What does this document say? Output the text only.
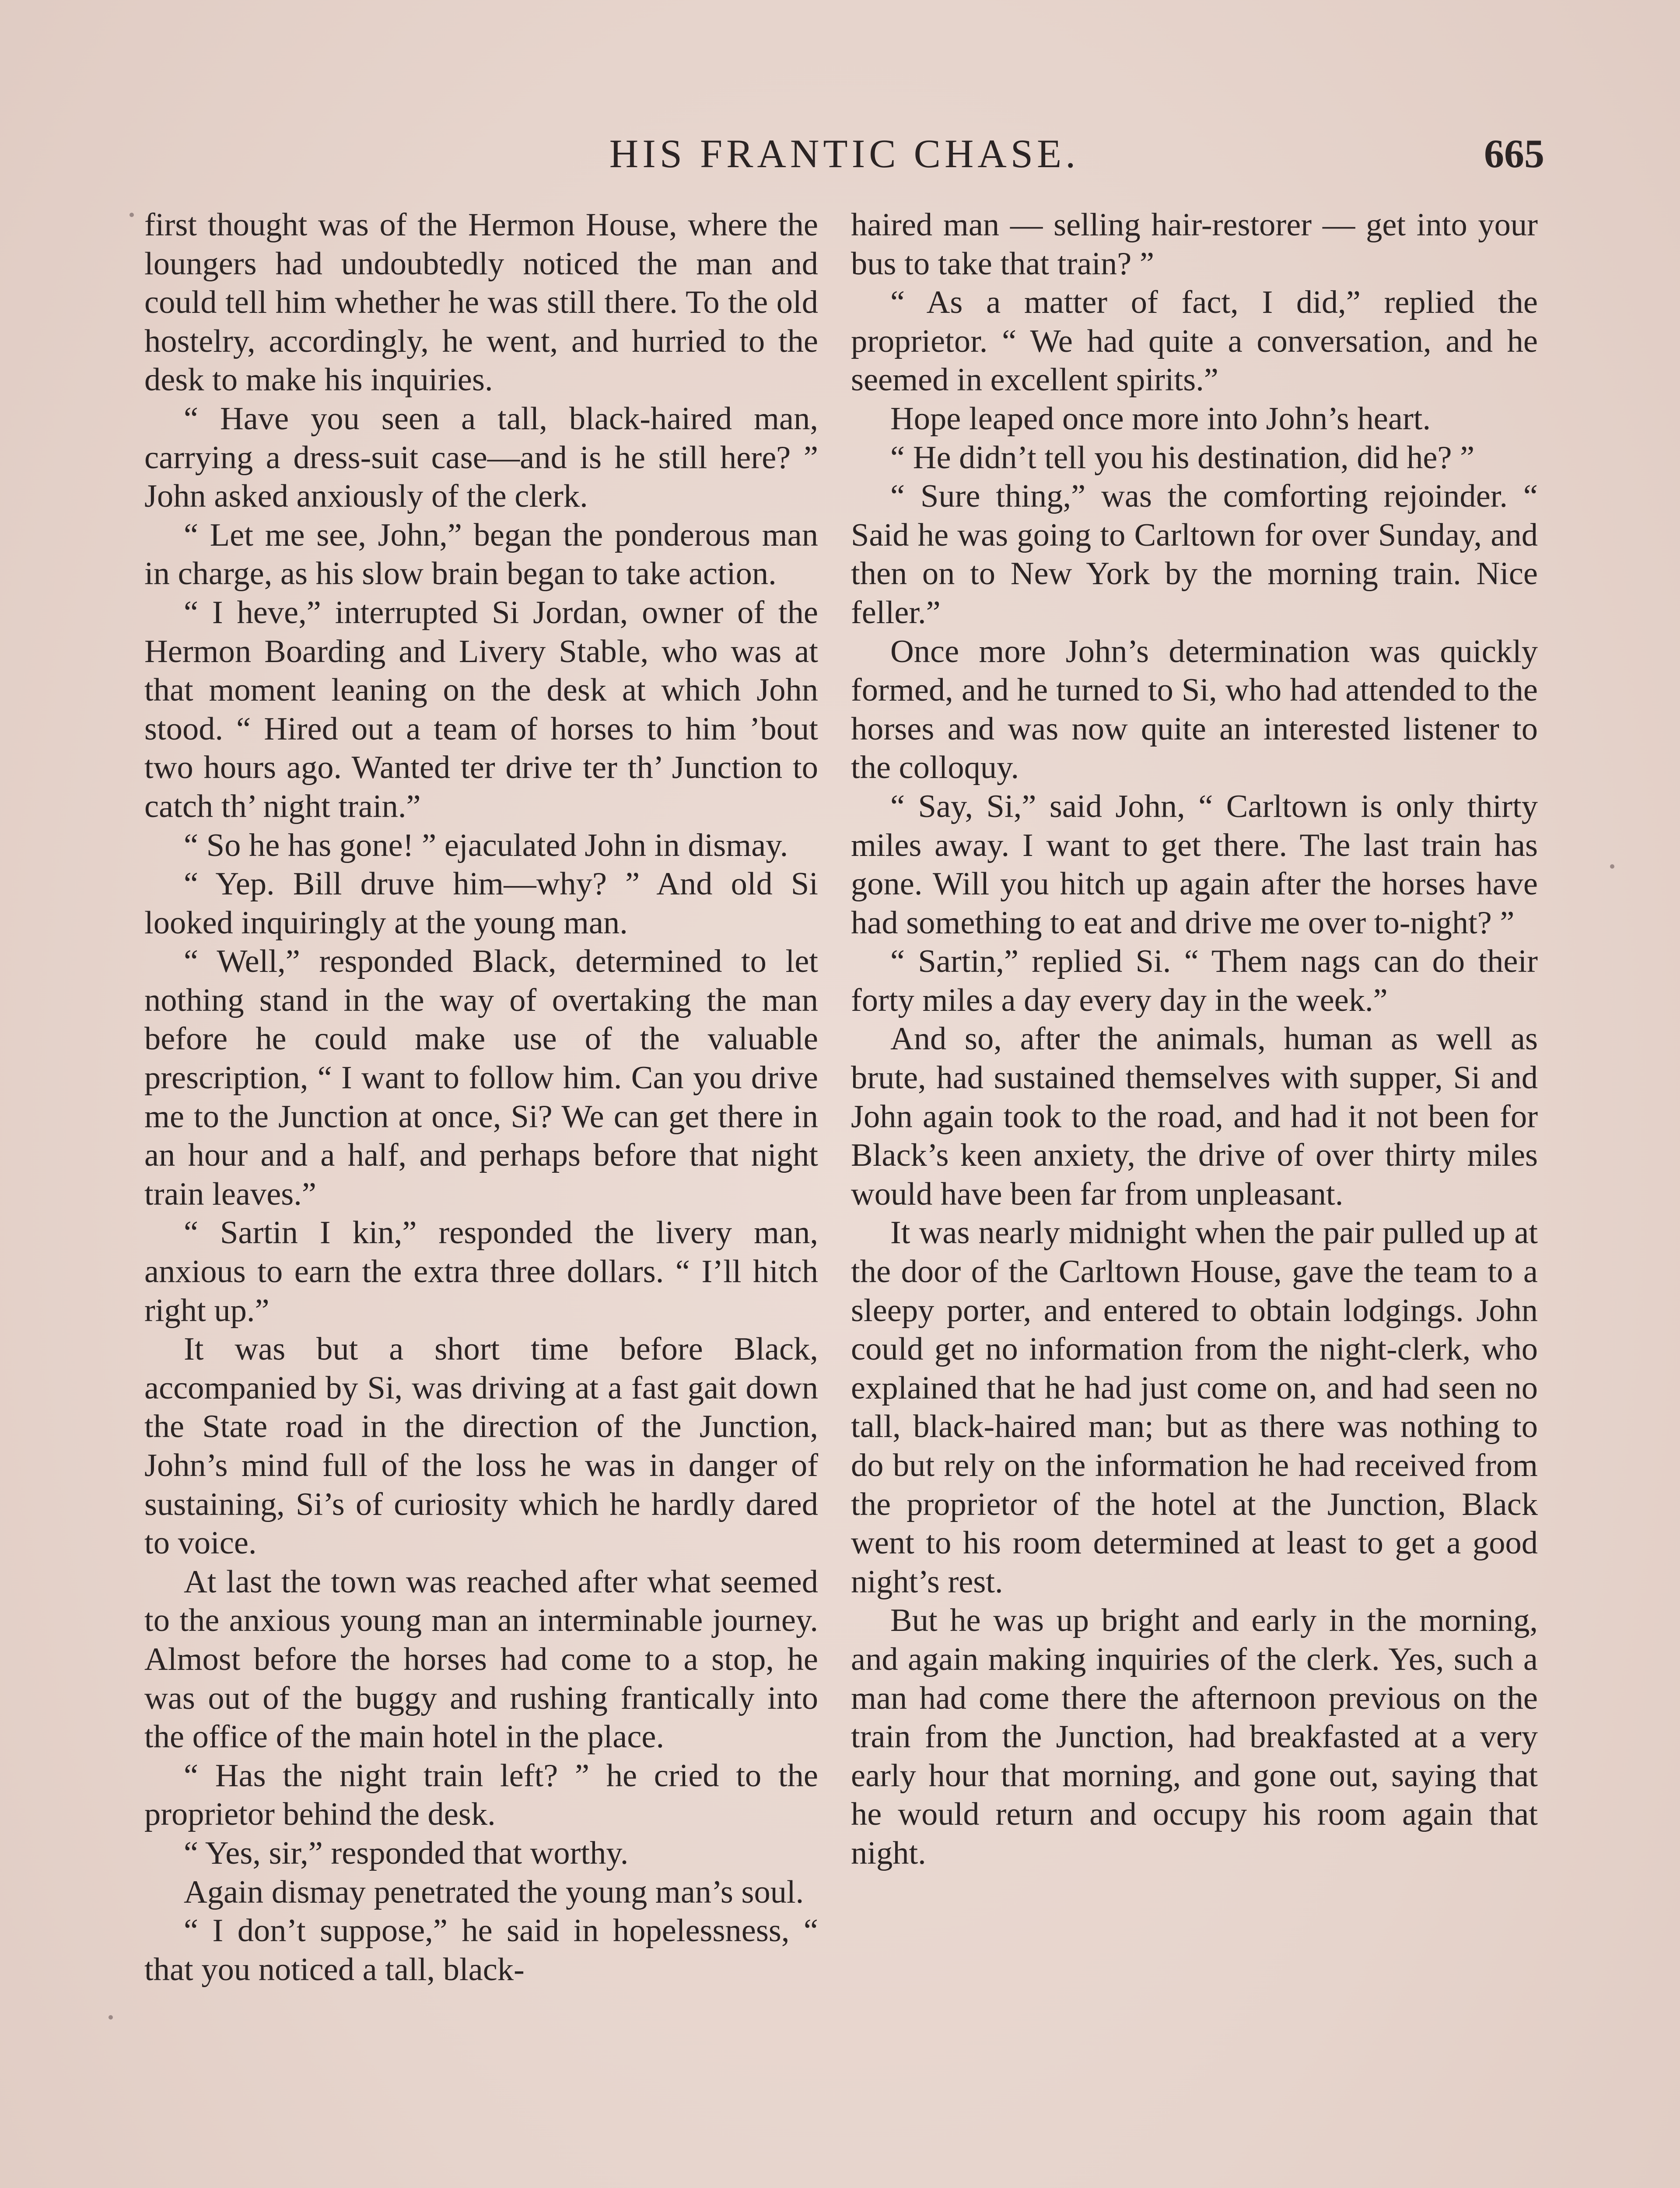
HIS FRANTIC CHASE.	665

first thought was of the Hermon House, where the loungers had undoubtedly noticed the man and could tell him whether he was still there. To the old hostelry, accordingly, he went, and hurried to the desk to make his inquiries.

“ Have you seen a tall, black-haired man, carrying a dress-suit case—and is he still here? ” John asked anxiously of the clerk.

“ Let me see, John,” began the ponderous man in charge, as his slow brain began to take action.

“ I heve,” interrupted Si Jordan, owner of the Hermon Boarding and Livery Stable, who was at that moment leaning on the desk at which John stood. “ Hired out a team of horses to him ’bout two hours ago. Wanted ter drive ter th’ Junction to catch th’ night train.”

“ So he has gone! ” ejaculated John in dismay.

“ Yep. Bill druve him—why? ” And old Si looked inquiringly at the young man.

“ Well,” responded Black, determined to let nothing stand in the way of overtaking the man before he could make use of the valuable prescription, “ I want to follow him. Can you drive me to the Junction at once, Si? We can get there in an hour and a half, and perhaps before that night train leaves.”

“ Sartin I kin,” responded the livery man, anxious to earn the extra three dollars. “ I’ll hitch right up.”

It was but a short time before Black, accompanied by Si, was driving at a fast gait down the State road in the direction of the Junction, John’s mind full of the loss he was in danger of sustaining, Si’s of curiosity which he hardly dared to voice.

At last the town was reached after what seemed to the anxious young man an interminable journey. Almost before the horses had come to a stop, he was out of the buggy and rushing frantically into the office of the main hotel in the place.

“ Has the night train left? ” he cried to the proprietor behind the desk.

“ Yes, sir,” responded that worthy.

Again dismay penetrated the young man’s soul.

“ I don’t suppose,” he said in hopelessness, “ that you noticed a tall, black-

haired man — selling hair-restorer — get into your bus to take that train? ”

“ As a matter of fact, I did,” replied the proprietor. “ We had quite a conversation, and he seemed in excellent spirits.”

Hope leaped once more into John’s heart.

“ He didn’t tell you his destination, did he? ”

“ Sure thing,” was the comforting rejoinder. “ Said he was going to Carltown for over Sunday, and then on to New York by the morning train. Nice feller.”

Once more John’s determination was quickly formed, and he turned to Si, who had attended to the horses and was now quite an interested listener to the colloquy.

“ Say, Si,” said John, “ Carltown is only thirty miles away. I want to get there. The last train has gone. Will you hitch up again after the horses have had something to eat and drive me over to-night? ”

“ Sartin,” replied Si. “ Them nags can do their forty miles a day every day in the week.”

And so, after the animals, human as well as brute, had sustained themselves with supper, Si and John again took to the road, and had it not been for Black’s keen anxiety, the drive of over thirty miles would have been far from unpleasant.

It was nearly midnight when the pair pulled up at the door of the Carltown House, gave the team to a sleepy porter, and entered to obtain lodgings. John could get no information from the night-clerk, who explained that he had just come on, and had seen no tall, black-haired man; but as there was nothing to do but rely on the information he had received from the proprietor of the hotel at the Junction, Black went to his room determined at least to get a good night’s rest.

But he was up bright and early in the morning, and again making inquiries of the clerk. Yes, such a man had come there the afternoon previous on the train from the Junction, had breakfasted at a very early hour that morning, and gone out, saying that he would return and occupy his room again that night.
